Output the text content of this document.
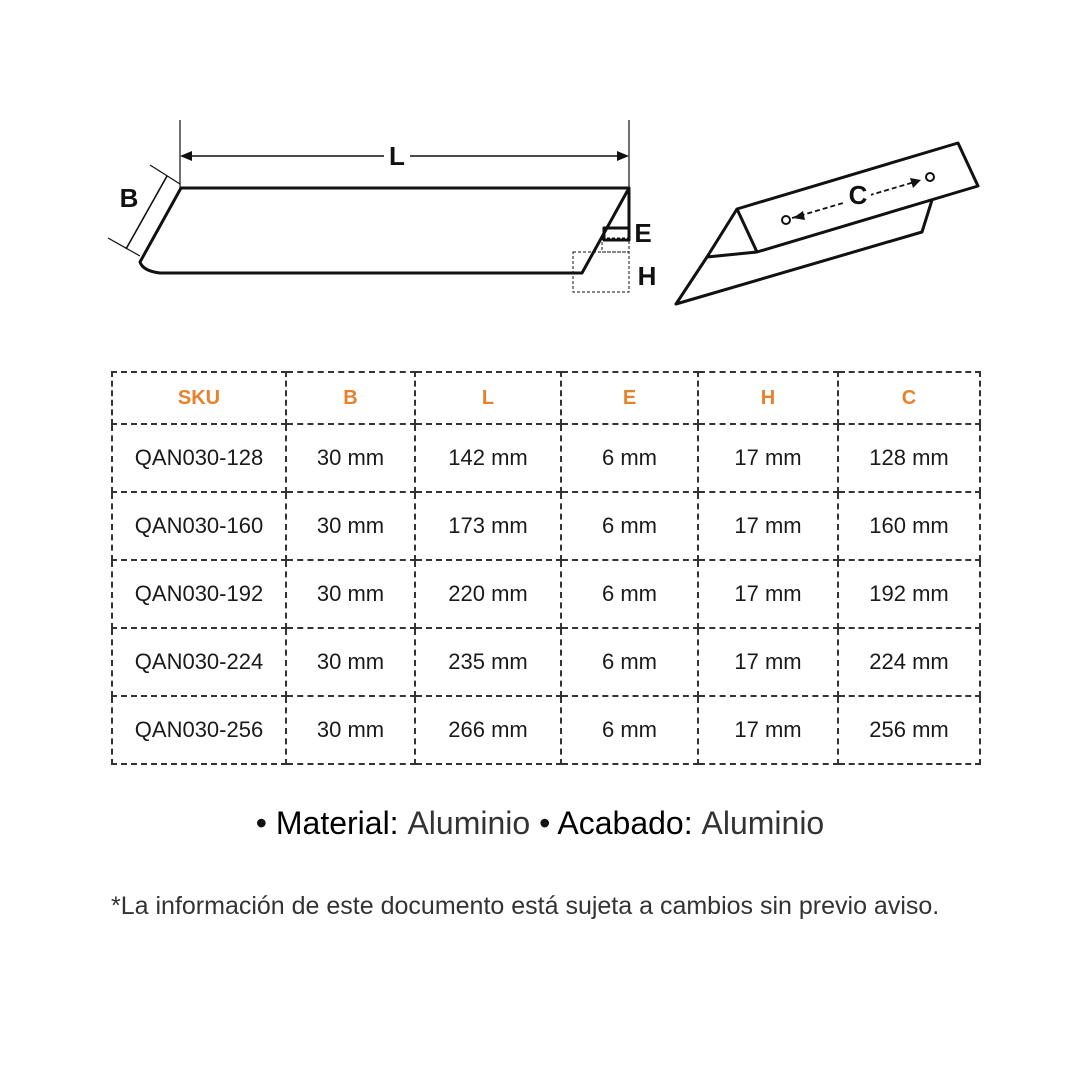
L
B
E
H
C
SKU	B	L	E	H	C
QAN030-128	30 mm	142 mm	6 mm	17 mm	128 mm
QAN030-160	30 mm	173 mm	6 mm	17 mm	160 mm
QAN030-192	30 mm	220 mm	6 mm	17 mm	192 mm
QAN030-224	30 mm	235 mm	6 mm	17 mm	224 mm
QAN030-256	30 mm	266 mm	6 mm	17 mm	256 mm
• Material: Aluminio • Acabado: Aluminio

*La información de este documento está sujeta a cambios sin previo aviso.
